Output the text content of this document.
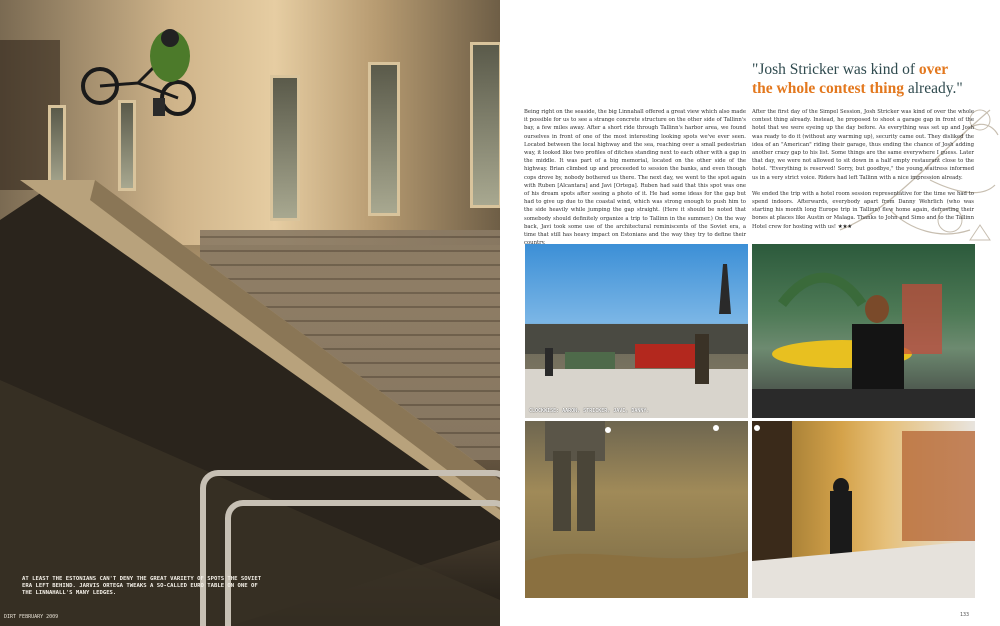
AT LEAST THE ESTONIANS CAN'T DENY THE GREAT VARIETY OF SPOTS THE SOVIET ERA LEFT BEHIND. JARVIS ORTEGA TWEAKS A SO-CALLED EURO TABLE ON ONE OF THE LINNAHALL'S MANY LEDGES.
DIRT FEBRUARY 2009
"Josh Stricker was kind of over the whole contest thing already."

Being right on the seaside, the big Linnahall offered a great view which also made it possible for us to see a strange concrete structure on the other side of Tallinn's bay, a few miles away. After a short ride through Tallinn's harbor area, we found ourselves in front of one of the most interesting looking spots we've ever seen. Located between the local highway and the sea, reaching over a small pedestrian way, it looked like two profiles of ditches standing next to each other with a gap in the middle. It was part of a big memorial, located on the other side of the highway. Brian climbed up and proceeded to session the banks, and even though cops drove by, nobody bothered us there. The next day, we went to the spot again with Ruben [Alcantara] and Javi [Ortega]. Ruben had said that this spot was one of his dream spots after seeing a photo of it. He had some ideas for the gap but had to give up due to the coastal wind, which was strong enough to push him to the side heavily while jumping the gap straight. (Here it should be noted that somebody should definitely organize a trip to Tallinn in the summer.) On the way back, Javi took some use of the architectural reminiscents of the Soviet era, a time that still has heavy impact on Estonians and the way they try to define their

After the first day of the Simpel Session, Josh Stricker was kind of over the whole contest thing already. Instead, he proposed to shoot a garage gap in front of the hotel that we were eyeing up the day before. As everything was set up and Josh was ready to do it (without any warming up), security came out. They disliked the idea of an "American" riding their garage, thus ending the chance of Josh adding another crazy gap to his list. Some things are the same everywhere I guess. Later that day, we were not allowed to sit down in a half empty restaurant close to the hotel. "Everything is reserved! Sorry, but goodbye," the young waitress informed us in a very strict voice. Riders had left Tallinn with a nice impression already.

We ended the trip with a hotel room session representative for the time we had to spend indoors. Afterwards, everybody apart from Danny Wehrlich (who was starting his month long Europe trip in Tallinn) flew home again, defrosting their bones at places like Austin or Malaga. Thanks to John and Simo and to the Tallinn Hotel crew for hosting with us! ★★★

CLOCKWISE: AARON, STRICKER, JAVI, DANNY.
133
